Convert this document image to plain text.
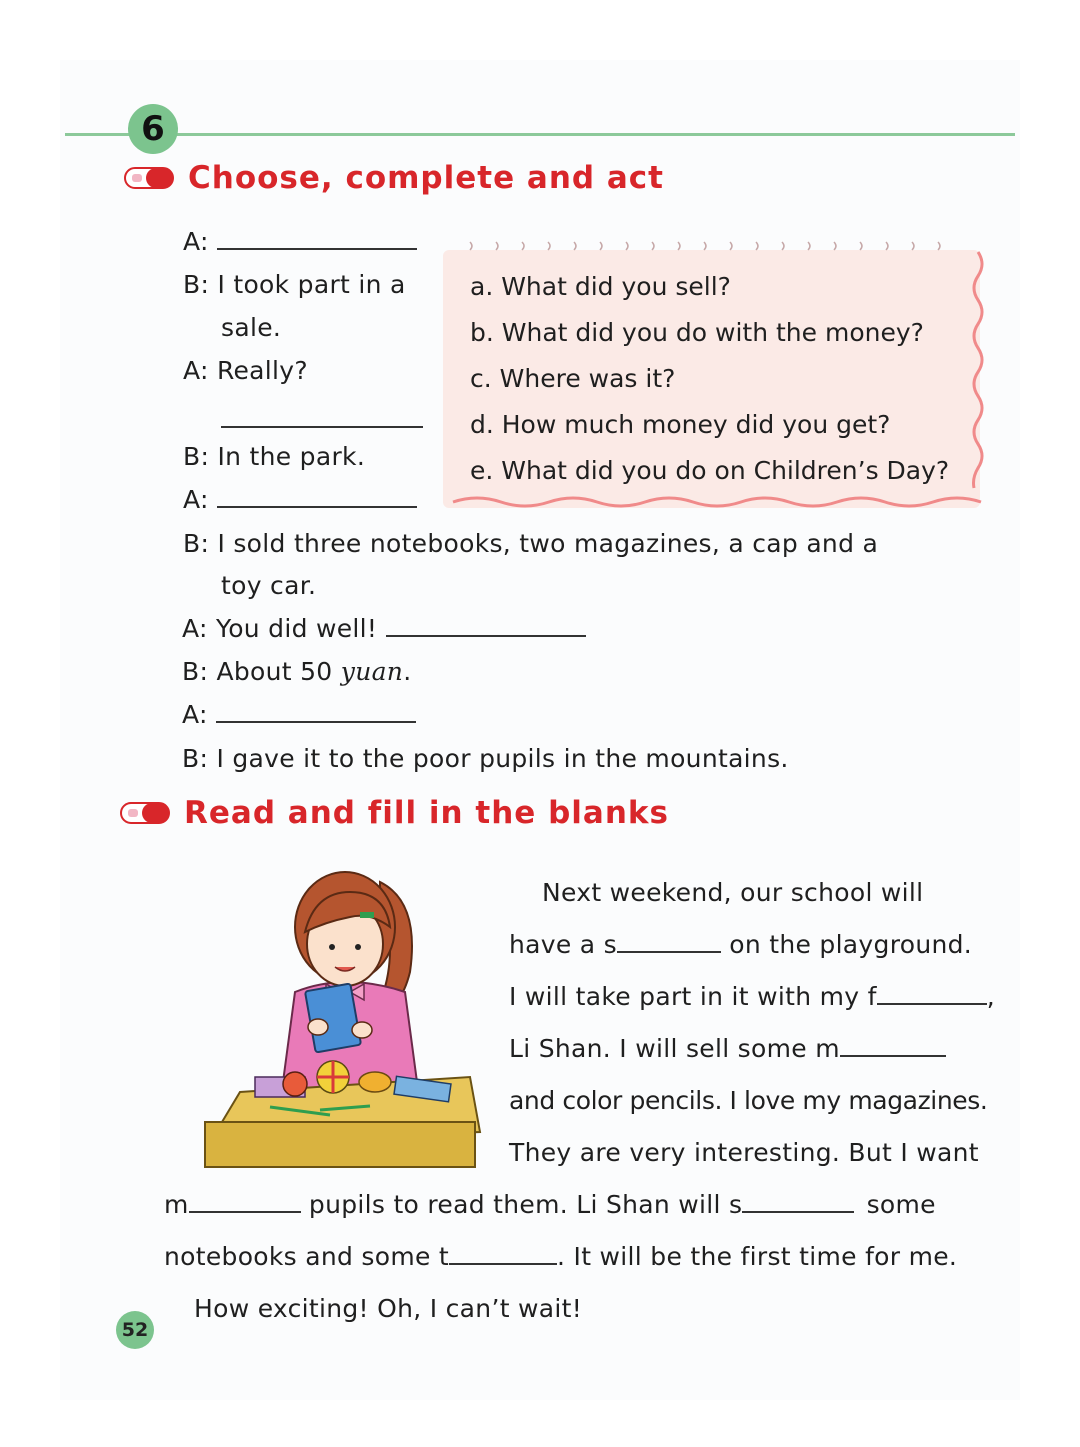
6
Choose, complete and act
a. What did you sell?
b. What did you do with the money?
c. Where was it?
d. How much money did you get?
e. What did you do on Children’s Day?
A:
B: I took part in a
sale.
A: Really?
B: In the park.
A:
B: I sold three notebooks, two magazines, a cap and a
toy car.
A: You did well!
B: About 50 yuan.
A:
B: I gave it to the poor pupils in the mountains.
Read and fill in the blanks
Next weekend, our school will
have a s	on the playground.
I will take part in it with my f	,
Li Shan. I will sell some m
and color pencils. I love my magazines.
They are very interesting. But I want
m	pupils to read them. Li Shan will s	some
notebooks and some t	. It will be the first time for me.
How exciting! Oh, I can’t wait!
52
